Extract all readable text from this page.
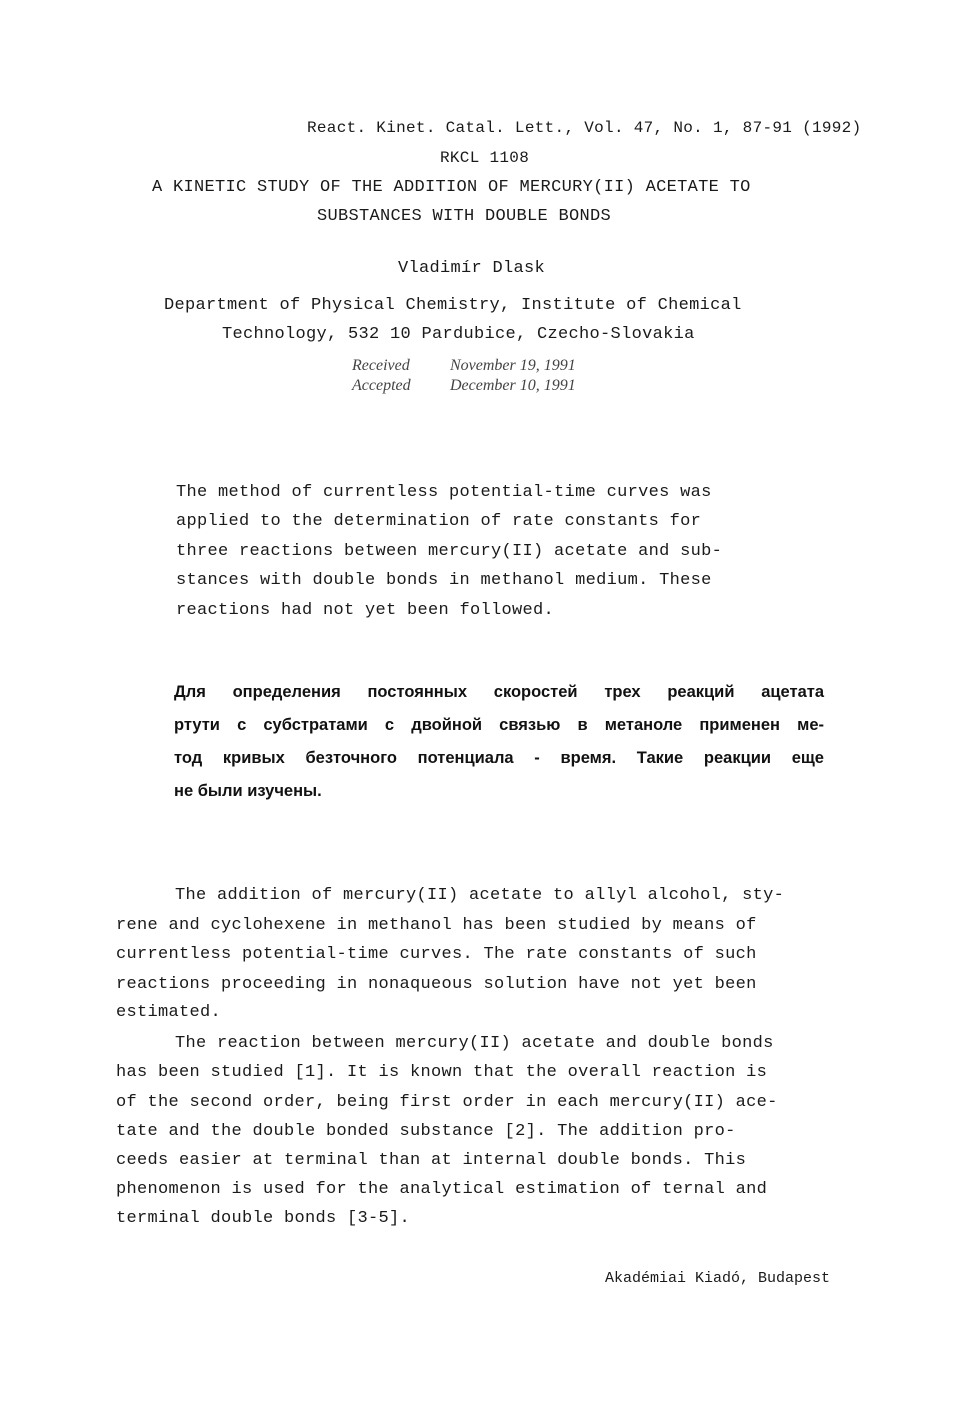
React. Kinet. Catal. Lett., Vol. 47, No. 1, 87-91 (1992)
RKCL 1108
A KINETIC STUDY OF THE ADDITION OF MERCURY(II) ACETATE TO
SUBSTANCES WITH DOUBLE BONDS
Vladimír Dlask
Department of Physical Chemistry, Institute of Chemical
Technology, 532 10 Pardubice, Czecho-Slovakia
Received	November 19, 1991
Accepted December 10, 1991
The method of currentless potential-time curves was
applied to the determination of rate constants for
three reactions between mercury(II) acetate and sub-
stances with double bonds in methanol medium. These
reactions had not yet been followed.
Для определения постоянных скоростей трех реакций ацетата
ртути с субстратами с двойной связью в метаноле применен ме-
тод кривых безточного потенциала - время. Такие реакции еще
не были изучены.
The addition of mercury(II) acetate to allyl alcohol, sty-
rene and cyclohexene in methanol has been studied by means of
currentless potential-time curves. The rate constants of such
reactions proceeding in nonaqueous solution have not yet been
estimated.
The reaction between mercury(II) acetate and double bonds
has been studied [1]. It is known that the overall reaction is
of the second order, being first order in each mercury(II) ace-
tate and the double bonded substance [2]. The addition pro-
ceeds easier at terminal than at internal double bonds. This
phenomenon is used for the analytical estimation of ternal and
terminal double bonds [3-5].
Akadémiai Kiadó, Budapest
